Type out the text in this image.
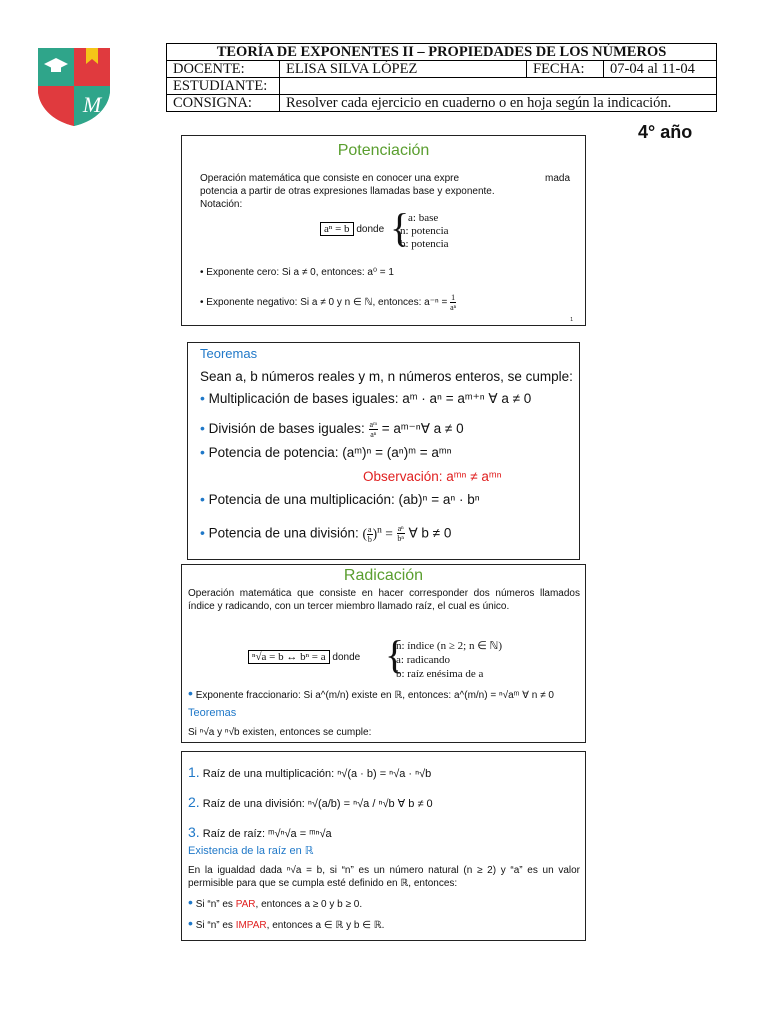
M
TEORÍA DE EXPONENTES II – PROPIEDADES DE LOS NÚMEROS			
DOCENTE:	ELISA SILVA LÓPEZ	FECHA:	07-04 al 11-04
ESTUDIANTE:			
CONSIGNA:	Resolver cada ejercicio en cuaderno o en hoja según la indicación.		
4° año
Potenciación
Operación matemática que consiste en conocer una expre	mada

potencia a partir de otras expresiones llamadas base y exponente.
Notación:
aⁿ = b donde {
a: base
n: potencia
b: potencia
• Exponente cero: Si a ≠ 0, entonces: a⁰ = 1
• Exponente negativo: Si a ≠ 0 y n ∈ ℕ, entonces: $a^{-n} = \frac{1}{\text{aⁿ}}$
1
Teoremas
Sean a, b números reales y m, n números enteros, se cumple:
• Multiplicación de bases iguales: aᵐ · aⁿ = aᵐ⁺ⁿ ∀ a ≠ 0
• División de bases iguales: $\frac{\text{aᵐ}}{\text{aⁿ}}$ = aᵐ⁻ⁿ∀ a ≠ 0
• Potencia de potencia: (aᵐ)ⁿ = (aⁿ)ᵐ = aᵐⁿ
Observación: aᵐⁿ ≠ aᵐⁿ
• Potencia de una multiplicación: (ab)ⁿ = aⁿ · bⁿ
• Potencia de una división: ( $\frac{a}{b} )^n = \frac{\text{aⁿ}}{\text{bⁿ}}$ ∀ b ≠ 0
Radicación
Operación matemática que consiste en hacer corresponder dos números llamados índice y radicando, con un tercer miembro llamado raíz, el cual es único.
ⁿ√a = b ↔ bⁿ = a donde {
n: índice (n ≥ 2; n ∈ ℕ)
a: radicando
b: raíz enésima de a
• Exponente fraccionario: Si a^(m/n) existe en ℝ, entonces: a^(m/n) = ⁿ√aᵐ ∀ n ≠ 0
Teoremas
Si ⁿ√a y ⁿ√b existen, entonces se cumple:
1. Raíz de una multiplicación: ⁿ√(a · b) = ⁿ√a · ⁿ√b
2. Raíz de una división: ⁿ√(a/b) = ⁿ√a / ⁿ√b ∀ b ≠ 0
3. Raíz de raíz: ᵐ√ⁿ√a = ᵐⁿ√a
Existencia de la raíz en ℝ
En la igualdad dada ⁿ√a = b, si “n” es un número natural (n ≥ 2) y “a” es un valor permisible para que se cumpla esté definido en ℝ, entonces:
• Si “n” es PAR, entonces a ≥ 0 y b ≥ 0.
• Si “n” es IMPAR, entonces a ∈ ℝ y b ∈ ℝ.
